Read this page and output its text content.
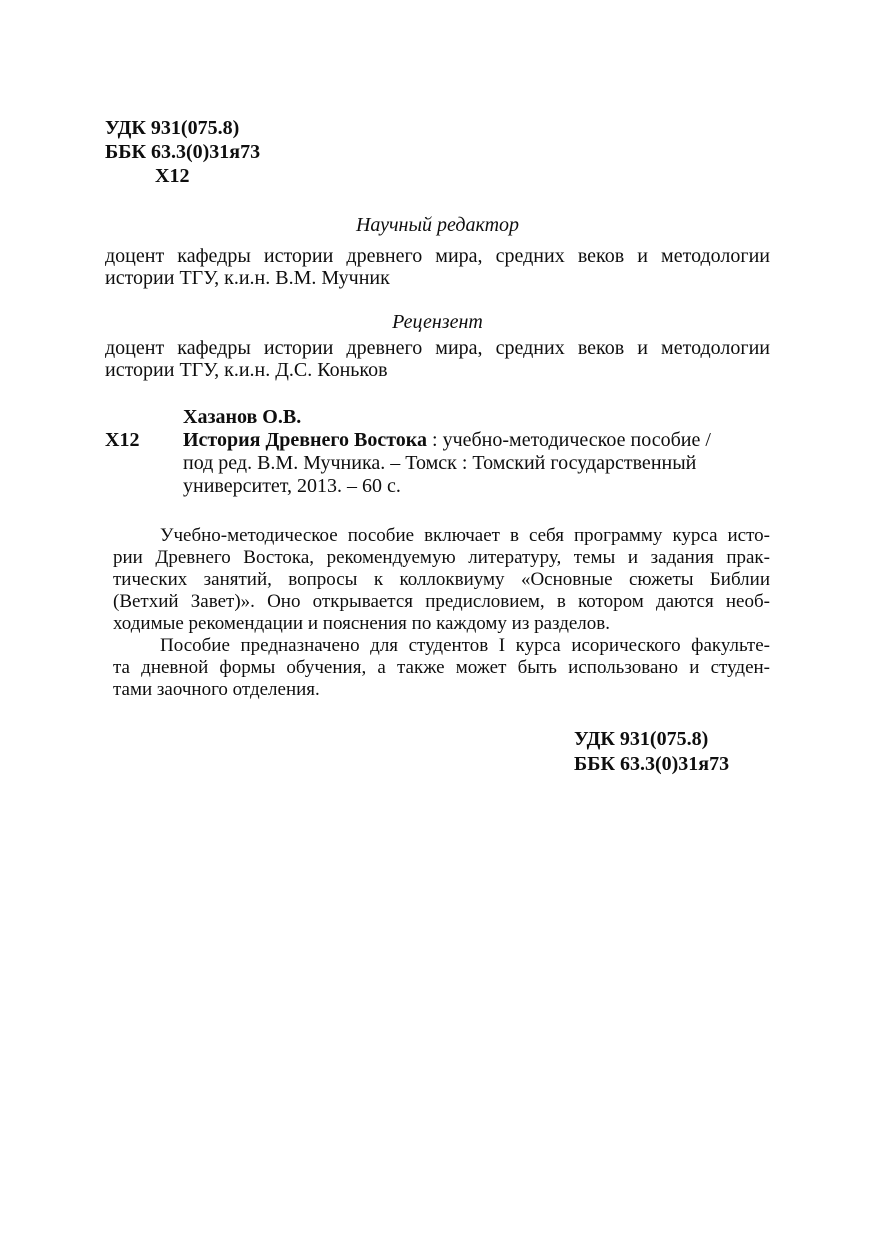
УДК 931(075.8)
ББК 63.3(0)31я73
Х12
Научный редактор
доцент кафедры истории древнего мира, средних веков и методологии
истории ТГУ, к.и.н. В.М. Мучник
Рецензент
доцент кафедры истории древнего мира, средних веков и методологии
истории ТГУ, к.и.н. Д.С. Коньков
Х12
Хазанов О.В.
История Древнего Востока : учебно-методическое пособие /
под ред. В.М. Мучника. – Томск : Томский государственный
университет, 2013. – 60 с.
Учебно-методическое пособие включает в себя программу курса исто-
рии Древнего Востока, рекомендуемую литературу, темы и задания прак-
тических занятий, вопросы к коллоквиуму «Основные сюжеты Библии
(Ветхий Завет)». Оно открывается предисловием, в котором даются необ-
ходимые рекомендации и пояснения по каждому из разделов.
Пособие предназначено для студентов I курса исорического факульте-
та дневной формы обучения, а также может быть использовано и студен-
тами заочного отделения.
УДК 931(075.8)
ББК 63.3(0)31я73
